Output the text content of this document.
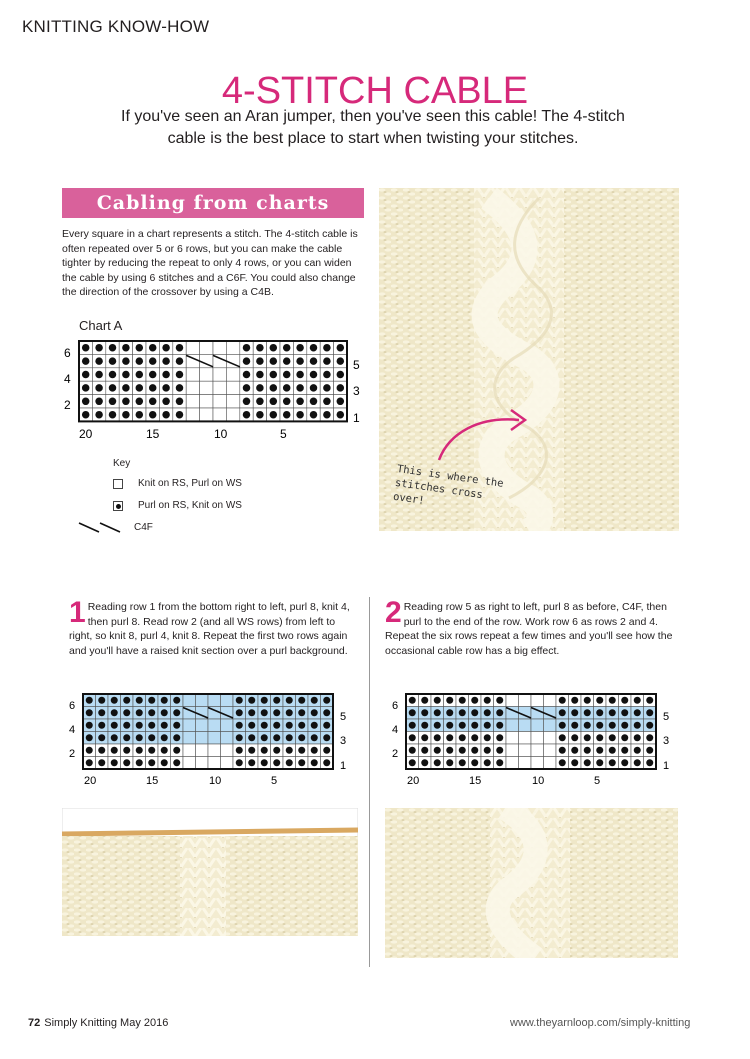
KNITTING KNOW-HOW
4-STITCH CABLE
If you've seen an Aran jumper, then you've seen this cable! The 4-stitch cable is the best place to start when twisting your stitches.
Cabling from charts
Every square in a chart represents a stitch. The 4-stitch cable is often repeated over 5 or 6 rows, but you can make the cable tighter by reducing the repeat to only 4 rows, or you can widen the cable by using 6 stitches and a C6F. You could also change the direction of the crossover by using a C4B.
Chart A
6
4
2
5
3
1
20	15	10	5
Key
Knit on RS, Purl on WS
Purl on RS, Knit on WS
C4F
This is where the stitches cross over!
1 Reading row 1 from the bottom right to left, purl 8, knit 4, then purl 8. Read row 2 (and all WS rows) from left to right, so knit 8, purl 4, knit 8. Repeat the first two rows again and you'll have a raised knit section over a purl background.
2 Reading row 5 as right to left, purl 8 as before, C4F, then purl to the end of the row. Work row 6 as rows 2 and 4. Repeat the six rows repeat a few times and you'll see how the occasional cable row has a big effect.
6
4
2
5
3
1
20	15	10	5
6
4
2
5
3
1
20	15	10	5
72 Simply Knitting May 2016	www.theyarnloop.com/simply-knitting
